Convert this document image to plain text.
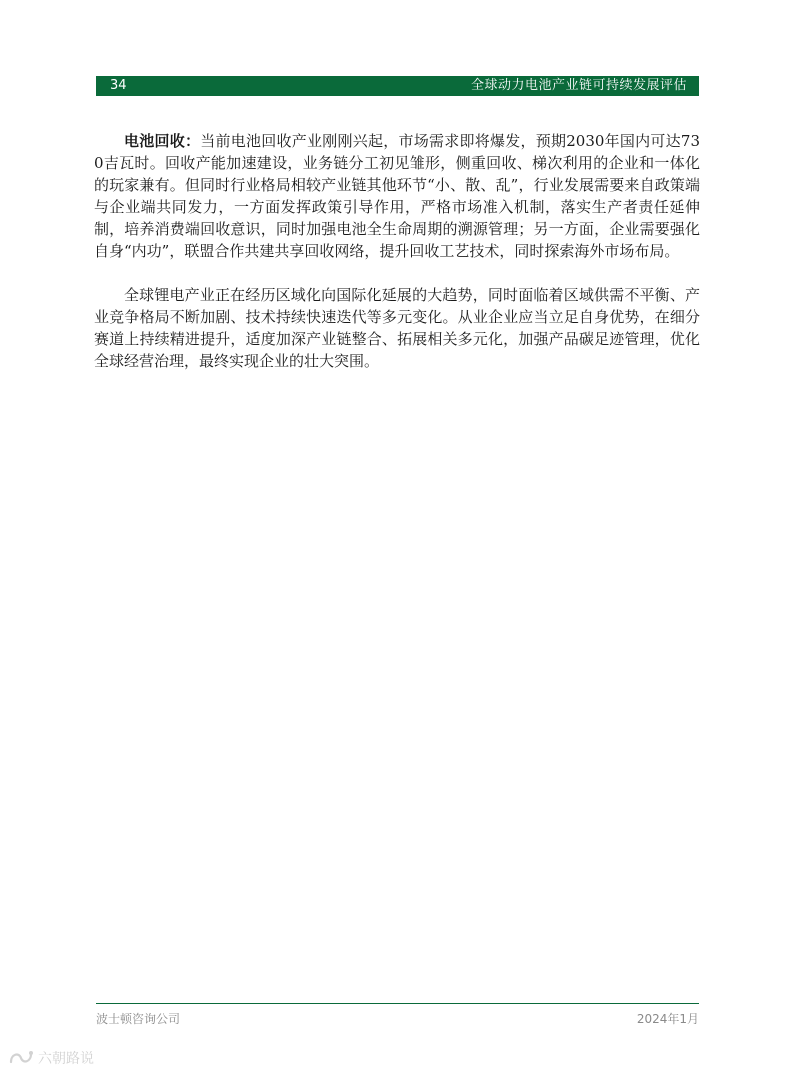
34	全球动力电池产业链可持续发展评估

电池回收：当前电池回收产业刚刚兴起，市场需求即将爆发，预期2030年国内可达730吉瓦时。回收产能加速建设，业务链分工初见雏形，侧重回收、梯次利用的企业和一体化的玩家兼有。但同时行业格局相较产业链其他环节“小、散、乱”，行业发展需要来自政策端与企业端共同发力，一方面发挥政策引导作用，严格市场准入机制，落实生产者责任延伸制，培养消费端回收意识，同时加强电池全生命周期的溯源管理；另一方面，企业需要强化自身“内功”，联盟合作共建共享回收网络，提升回收工艺技术，同时探索海外市场布局。

全球锂电产业正在经历区域化向国际化延展的大趋势，同时面临着区域供需不平衡、产业竞争格局不断加剧、技术持续快速迭代等多元变化。从业企业应当立足自身优势，在细分赛道上持续精进提升，适度加深产业链整合、拓展相关多元化，加强产品碳足迹管理，优化全球经营治理，最终实现企业的壮大突围。

波士顿咨询公司	2024年1月
六朝路说
